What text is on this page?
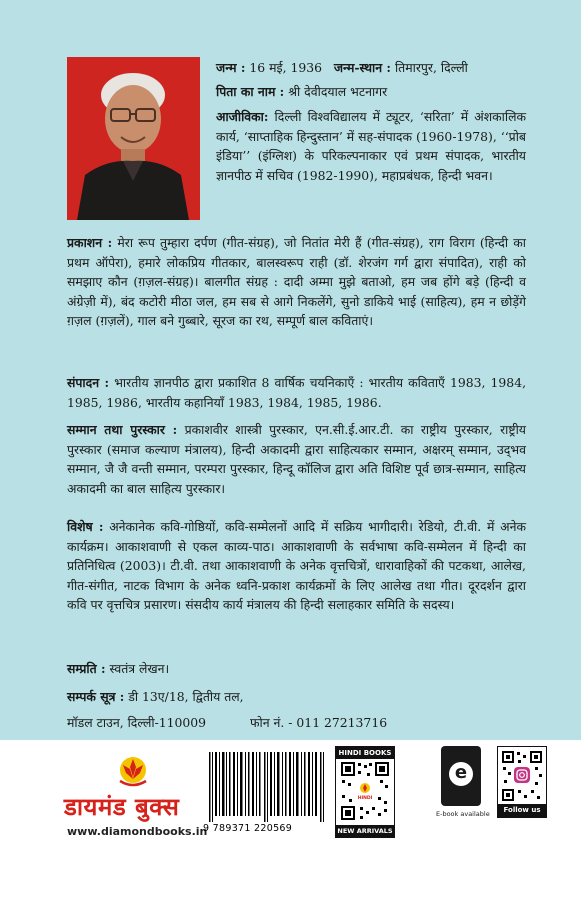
जन्म : 16 मई, 1936 जन्म-स्थान : तिमारपुर, दिल्ली
पिता का नाम : श्री देवीदयाल भटनागर
आजीविका: दिल्ली विश्वविद्यालय में ट्यूटर, ‘सरिता’ में अंशकालिक कार्य, ‘साप्ताहिक हिन्दुस्तान’ में सह-संपादक (1960-1978), ‘‘प्रोब इंडिया’’ (इंग्लिश) के परिकल्पनाकार एवं प्रथम संपादक, भारतीय ज्ञानपीठ में सचिव (1982-1990), महाप्रबंधक, हिन्दी भवन।
प्रकाशन : मेरा रूप तुम्हारा दर्पण (गीत-संग्रह), जो नितांत मेरी हैं (गीत-संग्रह), राग विराग (हिन्दी का प्रथम ऑपेरा), हमारे लोकप्रिय गीतकार, बालस्वरूप राही (डॉ. शेरजंग गर्ग द्वारा संपादित), राही को समझाए कौन (ग़ज़ल-संग्रह)। बालगीत संग्रह : दादी अम्मा मुझे बताओ, हम जब होंगे बड़े (हिन्दी व अंग्रेज़ी में), बंद कटोरी मीठा जल, हम सब से आगे निकलेंगे, सुनो डाकिये भाई (साहित्य), हम न छोड़ेंगे ग़ज़ल (ग़ज़लें), गाल बने गुब्बारे, सूरज का रथ, सम्पूर्ण बाल कविताएं।
संपादन : भारतीय ज्ञानपीठ द्वारा प्रकाशित 8 वार्षिक चयनिकाएँ : भारतीय कविताएँ 1983, 1984, 1985, 1986, भारतीय कहानियाँ 1983, 1984, 1985, 1986.
सम्मान तथा पुरस्कार : प्रकाशवीर शास्त्री पुरस्कार, एन.सी.ई.आर.टी. का राष्ट्रीय पुरस्कार, राष्ट्रीय पुरस्कार (समाज कल्याण मंत्रालय), हिन्दी अकादमी द्वारा साहित्यकार सम्मान, अक्षरम् सम्मान, उद्‌भव सम्मान, जै जै वन्ती सम्मान, परम्परा पुरस्कार, हिन्दू कॉलिज द्वारा अति विशिष्ट पूर्व छात्र-सम्मान, साहित्य अकादमी का बाल साहित्य पुरस्कार।
विशेष : अनेकानेक कवि-गोष्ठियों, कवि-सम्मेलनों आदि में सक्रिय भागीदारी। रेडियो, टी.वी. में अनेक कार्यक्रम। आकाशवाणी से एकल काव्य-पाठ। आकाशवाणी के सर्वभाषा कवि-सम्मेलन में हिन्दी का प्रतिनिधित्व (2003)। टी.वी. तथा आकाशवाणी के अनेक वृत्तचित्रों, धारावाहिकों की पटकथा, आलेख, गीत-संगीत, नाटक विभाग के अनेक ध्वनि-प्रकाश कार्यक्रमों के लिए आलेख तथा गीत। दूरदर्शन द्वारा कवि पर वृत्तचित्र प्रसारण। संसदीय कार्य मंत्रालय की हिन्दी सलाहकार समिति के सदस्य।
सम्प्रति : स्वतंत्र लेखन।
सम्पर्क सूत्र : डी 13ए/18, द्वितीय तल,
मॉडल टाउन, दिल्ली-110009	फोन नं. - 011 27213716
डायमंड बुक्स
www.diamondbooks.in
9 789371 220569
HINDI BOOKS
HINDI
NEW ARRIVALS
e
E-book available	Follow us
